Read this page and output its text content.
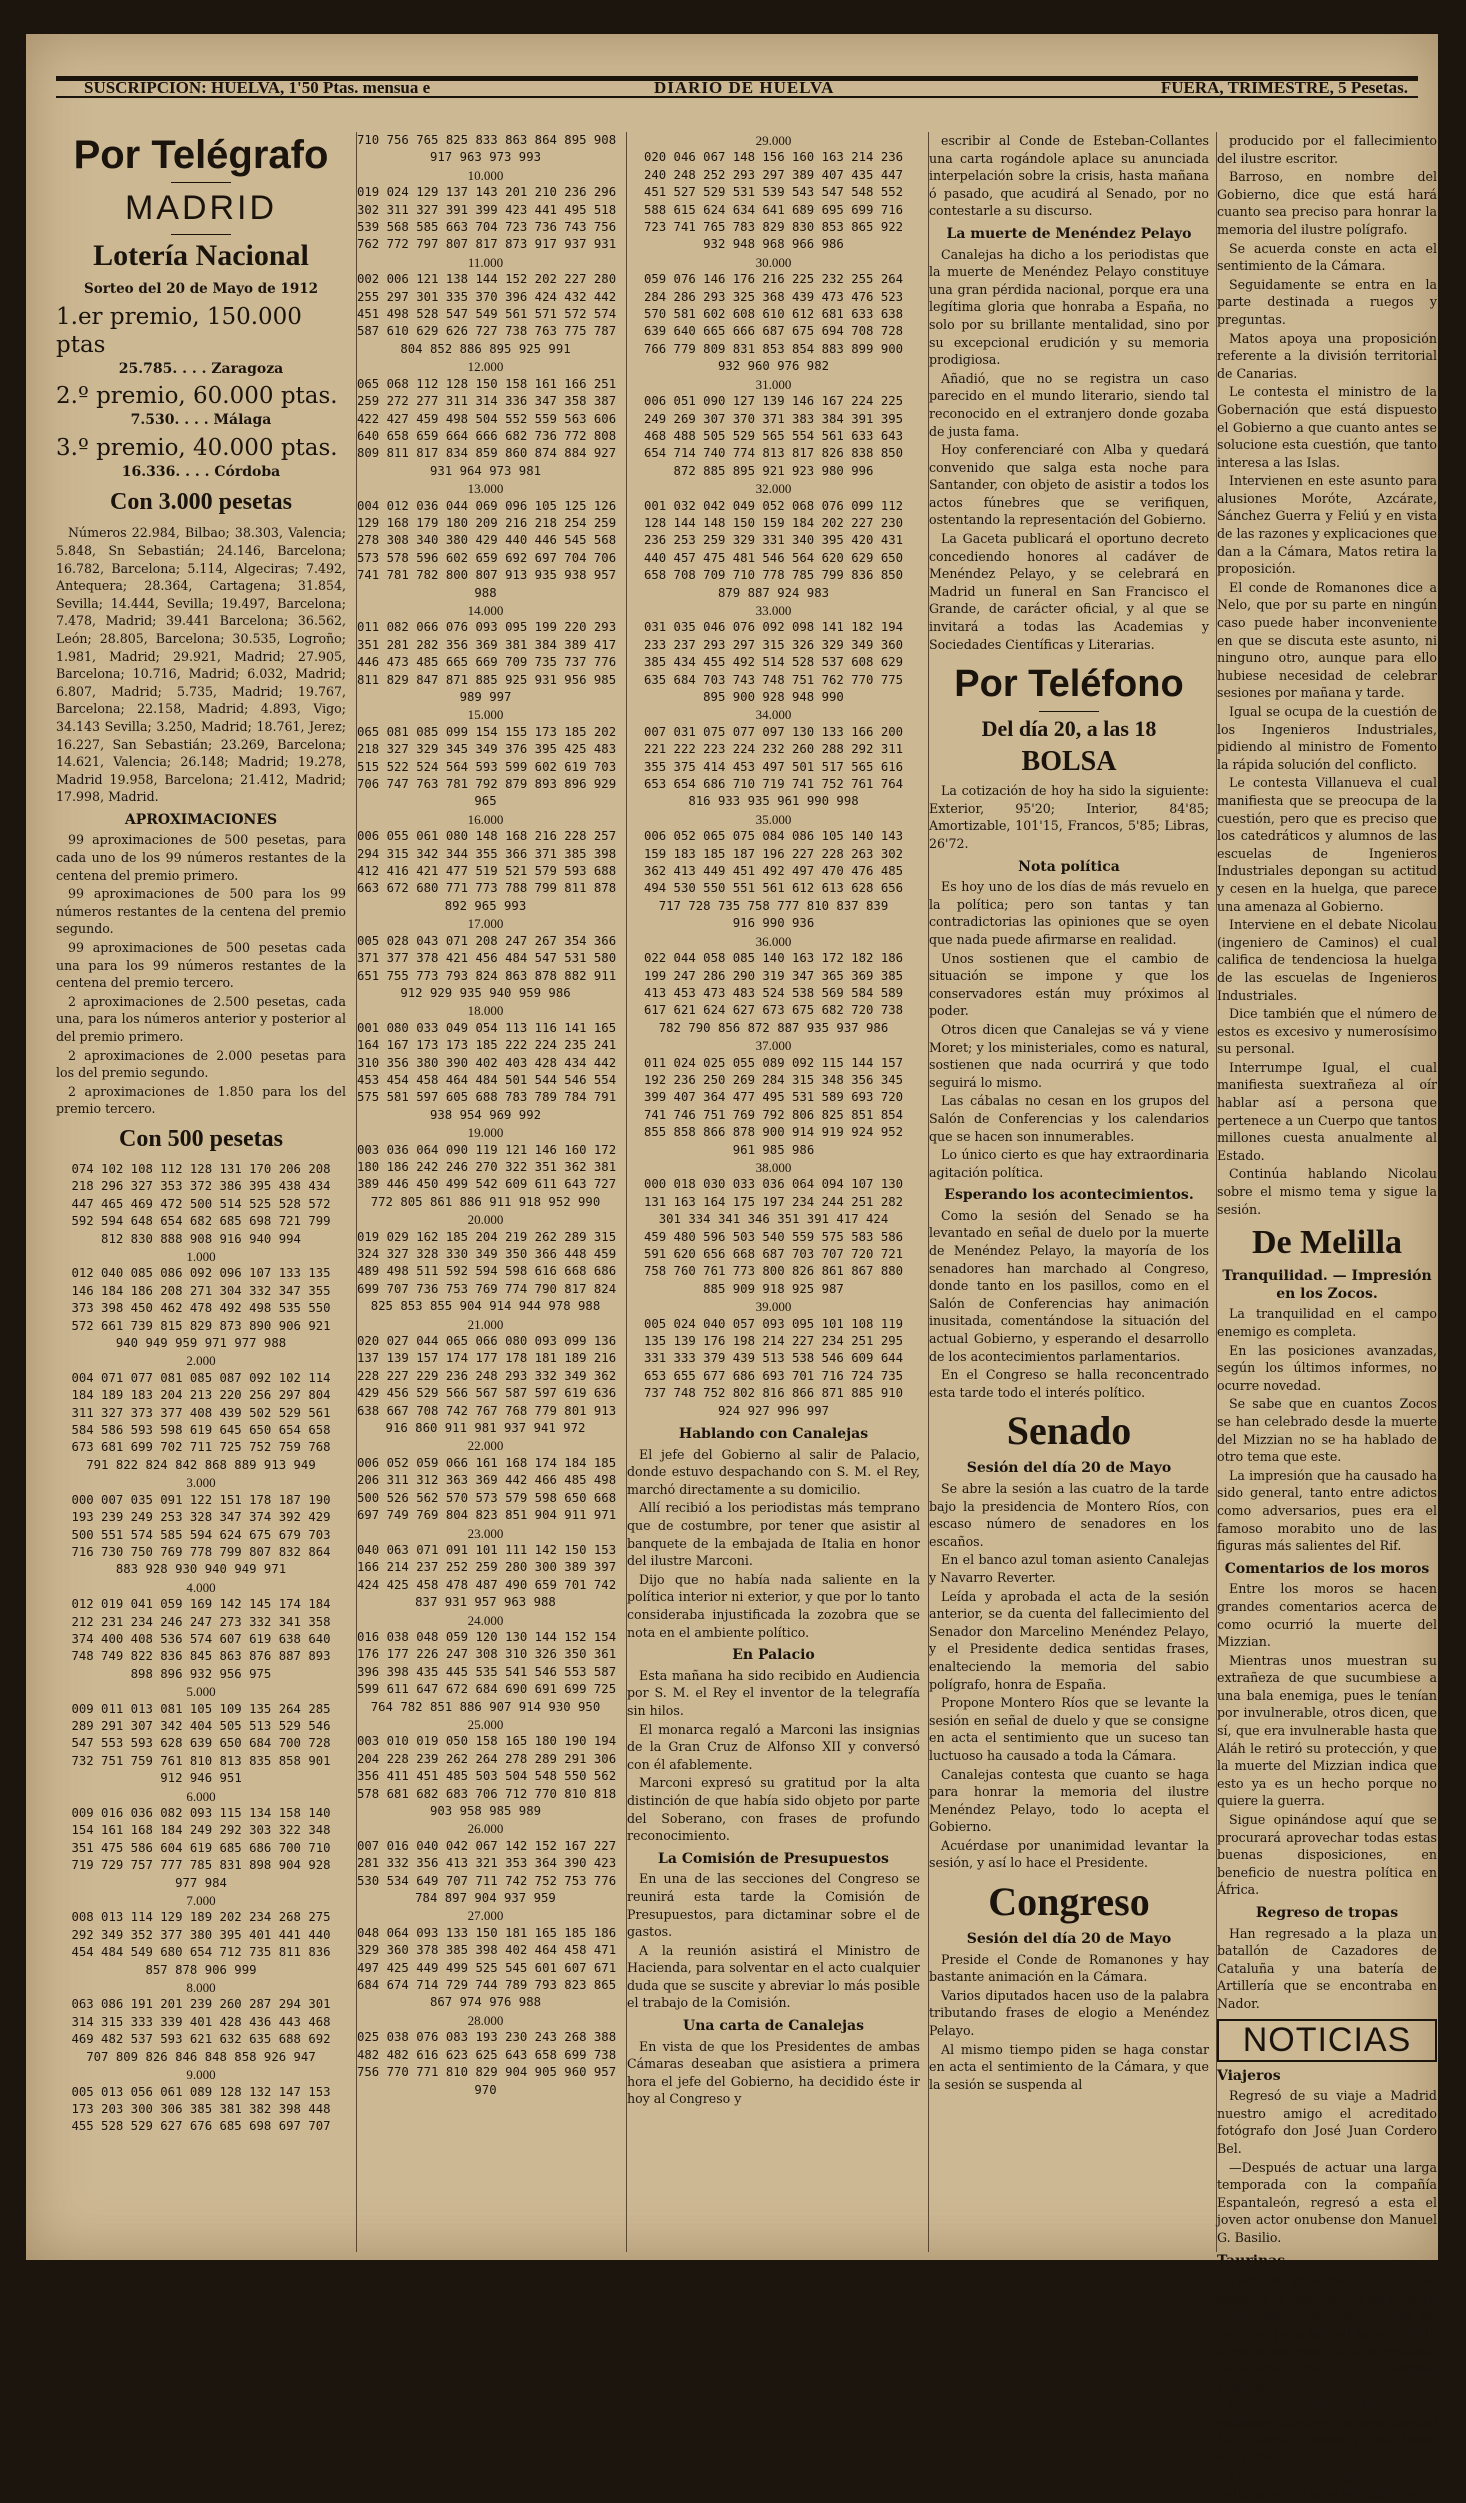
SUSCRIPCIÓN: HUELVA, 1'50 Ptas. mensua e	DIARIO DE HUELVA	FUERA, TRIMESTRE, 5 Pesetas.
Por Telégrafo
MADRID
Lotería Nacional
Sorteo del 20 de Mayo de 1912
1.er premio, 150.000 ptas
25.785. . . . Zaragoza
2.º premio, 60.000 ptas.
7.530. . . . Málaga
3.º premio, 40.000 ptas.
16.336. . . . Córdoba
Con 3.000 pesetas

Números 22.984, Bilbao; 38.303, Valencia; 5.848, Sn Sebastián; 24.146, Barcelona; 16.782, Barcelona; 5.114, Algeciras; 7.492, Antequera; 28.364, Cartagena; 31.854, Sevilla; 14.444, Sevilla; 19.497, Barcelona; 7.478, Madrid; 39.441 Barcelona; 36.562, León; 28.805, Barcelona; 30.535, Logroño; 1.981, Madrid; 29.921, Madrid; 27.905, Barcelona; 10.716, Madrid; 6.032, Madrid; 6.807, Madrid; 5.735, Madrid; 19.767, Barcelona; 22.158, Madrid; 4.893, Vigo; 34.143 Sevilla; 3.250, Madrid; 18.761, Jerez; 16.227, San Sebastián; 23.269, Barcelona; 14.621, Valencia; 26.148; Madrid; 19.278, Madrid 19.958, Barcelona; 21.412, Madrid; 17.998, Madrid.

APROXIMACIONES

99 aproximaciones de 500 pesetas, para cada uno de los 99 números restantes de la centena del premio primero.

99 aproximaciones de 500 para los 99 números restantes de la centena del premio segundo.

99 aproximaciones de 500 pesetas cada una para los 99 números restantes de la centena del premio tercero.

2 aproximaciones de 2.500 pesetas, cada una, para los números anterior y posterior al del premio primero.

2 aproximaciones de 2.000 pesetas para los del premio segundo.

2 aproximaciones de 1.850 para los del premio tercero.

Con 500 pesetas
074 102 108 112 128 131 170 206 208
218 296 327 353 372 386 395 438 434
447 465 469 472 500 514 525 528 572
592 594 648 654 682 685 698 721 799
812 830 888 908 916 940 994
1.000
012 040 085 086 092 096 107 133 135
146 184 186 208 271 304 332 347 355
373 398 450 462 478 492 498 535 550
572 661 739 815 829 873 890 906 921
940 949 959 971 977 988
2.000
004 071 077 081 085 087 092 102 114
184 189 183 204 213 220 256 297 804
311 327 373 377 408 439 502 529 561
584 586 593 598 619 645 650 654 658
673 681 699 702 711 725 752 759 768
791 822 824 842 868 889 913 949
3.000
000 007 035 091 122 151 178 187 190
193 239 249 253 328 347 374 392 429
500 551 574 585 594 624 675 679 703
716 730 750 769 778 799 807 832 864
883 928 930 940 949 971
4.000
012 019 041 059 169 142 145 174 184
212 231 234 246 247 273 332 341 358
374 400 408 536 574 607 619 638 640
748 749 822 836 845 863 876 887 893
898 896 932 956 975
5.000
009 011 013 081 105 109 135 264 285
289 291 307 342 404 505 513 529 546
547 553 593 628 639 650 684 700 728
732 751 759 761 810 813 835 858 901
912 946 951
6.000
009 016 036 082 093 115 134 158 140
154 161 168 184 249 292 303 322 348
351 475 586 604 619 685 686 700 710
719 729 757 777 785 831 898 904 928
977 984
7.000
008 013 114 129 189 202 234 268 275
292 349 352 377 380 395 401 441 440
454 484 549 680 654 712 735 811 836
857 878 906 999
8.000
063 086 191 201 239 260 287 294 301
314 315 333 339 401 428 436 443 468
469 482 537 593 621 632 635 688 692
707 809 826 846 848 858 926 947
9.000
005 013 056 061 089 128 132 147 153
173 203 300 306 385 381 382 398 448
455 528 529 627 676 685 698 697 707
710 756 765 825 833 863 864 895 908
917 963 973 993
10.000
019 024 129 137 143 201 210 236 296
302 311 327 391 399 423 441 495 518
539 568 585 663 704 723 736 743 756
762 772 797 807 817 873 917 937 931
11.000
002 006 121 138 144 152 202 227 280
255 297 301 335 370 396 424 432 442
451 498 528 547 549 561 571 572 574
587 610 629 626 727 738 763 775 787
804 852 886 895 925 991
12.000
065 068 112 128 150 158 161 166 251
259 272 277 311 314 336 347 358 387
422 427 459 498 504 552 559 563 606
640 658 659 664 666 682 736 772 808
809 811 817 834 859 860 874 884 927
931 964 973 981
13.000
004 012 036 044 069 096 105 125 126
129 168 179 180 209 216 218 254 259
278 308 340 380 429 440 446 545 568
573 578 596 602 659 692 697 704 706
741 781 782 800 807 913 935 938 957
988
14.000
011 082 066 076 093 095 199 220 293
351 281 282 356 369 381 384 389 417
446 473 485 665 669 709 735 737 776
811 829 847 871 885 925 931 956 985
989 997
15.000
065 081 085 099 154 155 173 185 202
218 327 329 345 349 376 395 425 483
515 522 524 564 593 599 602 619 703
706 747 763 781 792 879 893 896 929
965
16.000
006 055 061 080 148 168 216 228 257
294 315 342 344 355 366 371 385 398
412 416 421 477 519 521 579 593 688
663 672 680 771 773 788 799 811 878
892 965 993
17.000
005 028 043 071 208 247 267 354 366
371 377 378 421 456 484 547 531 580
651 755 773 793 824 863 878 882 911
912 929 935 940 959 986
18.000
001 080 033 049 054 113 116 141 165
164 167 173 173 185 222 224 235 241
310 356 380 390 402 403 428 434 442
453 454 458 464 484 501 544 546 554
575 581 597 605 688 783 789 784 791
938 954 969 992
19.000
003 036 064 090 119 121 146 160 172
180 186 242 246 270 322 351 362 381
389 446 450 499 542 609 611 643 727
772 805 861 886 911 918 952 990
20.000
019 029 162 185 204 219 262 289 315
324 327 328 330 349 350 366 448 459
489 498 511 592 594 598 616 668 686
699 707 736 753 769 774 790 817 824
825 853 855 904 914 944 978 988
21.000
020 027 044 065 066 080 093 099 136
137 139 157 174 177 178 181 189 216
228 227 229 236 248 293 332 349 362
429 456 529 566 567 587 597 619 636
638 667 708 742 767 768 779 801 913
916 860 911 981 937 941 972
22.000
006 052 059 066 161 168 174 184 185
206 311 312 363 369 442 466 485 498
500 526 562 570 573 579 598 650 668
697 749 769 804 823 851 904 911 971
23.000
040 063 071 091 101 111 142 150 153
166 214 237 252 259 280 300 389 397
424 425 458 478 487 490 659 701 742
837 931 957 963 988
24.000
016 038 048 059 120 130 144 152 154
176 177 226 247 308 310 326 350 361
396 398 435 445 535 541 546 553 587
599 611 647 672 684 690 691 699 725
764 782 851 886 907 914 930 950
25.000
003 010 019 050 158 165 180 190 194
204 228 239 262 264 278 289 291 306
356 411 451 485 503 504 548 550 562
578 681 682 683 706 712 770 810 818
903 958 985 989
26.000
007 016 040 042 067 142 152 167 227
281 332 356 413 321 353 364 390 423
530 534 649 707 711 742 752 753 776
784 897 904 937 959
27.000
048 064 093 133 150 181 165 185 186
329 360 378 385 398 402 464 458 471
497 425 449 499 525 545 601 607 671
684 674 714 729 744 789 793 823 865
867 974 976 988
28.000
025 038 076 083 193 230 243 268 388
482 482 616 623 625 643 658 699 738
756 770 771 810 829 904 905 960 957
970
29.000
020 046 067 148 156 160 163 214 236
240 248 252 293 297 389 407 435 447
451 527 529 531 539 543 547 548 552
588 615 624 634 641 689 695 699 716
723 741 765 783 829 830 853 865 922
932 948 968 966 986
30.000
059 076 146 176 216 225 232 255 264
284 286 293 325 368 439 473 476 523
570 581 602 608 610 612 681 633 638
639 640 665 666 687 675 694 708 728
766 779 809 831 853 854 883 899 900
932 960 976 982
31.000
006 051 090 127 139 146 167 224 225
249 269 307 370 371 383 384 391 395
468 488 505 529 565 554 561 633 643
654 714 740 774 813 817 826 838 850
872 885 895 921 923 980 996
32.000
001 032 042 049 052 068 076 099 112
128 144 148 150 159 184 202 227 230
236 253 259 329 331 340 395 420 431
440 457 475 481 546 564 620 629 650
658 708 709 710 778 785 799 836 850
879 887 924 983
33.000
031 035 046 076 092 098 141 182 194
233 237 293 297 315 326 329 349 360
385 434 455 492 514 528 537 608 629
635 684 703 743 748 751 762 770 775
895 900 928 948 990
34.000
007 031 075 077 097 130 133 166 200
221 222 223 224 232 260 288 292 311
355 375 414 453 497 501 517 565 616
653 654 686 710 719 741 752 761 764
816 933 935 961 990 998
35.000
006 052 065 075 084 086 105 140 143
159 183 185 187 196 227 228 263 302
362 413 449 451 492 497 470 476 485
494 530 550 551 561 612 613 628 656
717 728 735 758 777 810 837 839
916 990 936
36.000
022 044 058 085 140 163 172 182 186
199 247 286 290 319 347 365 369 385
413 453 473 483 524 538 569 584 589
617 621 624 627 673 675 682 720 738
782 790 856 872 887 935 937 986
37.000
011 024 025 055 089 092 115 144 157
192 236 250 269 284 315 348 356 345
399 407 364 477 495 531 589 693 720
741 746 751 769 792 806 825 851 854
855 858 866 878 900 914 919 924 952
961 985 986
38.000
000 018 030 033 036 064 094 107 130
131 163 164 175 197 234 244 251 282
301 334 341 346 351 391 417 424
459 480 596 503 540 559 575 583 586
591 620 656 668 687 703 707 720 721
758 760 761 773 800 826 861 867 880
885 909 918 925 987
39.000
005 024 040 057 093 095 101 108 119
135 139 176 198 214 227 234 251 295
331 333 379 439 513 538 546 609 644
653 655 677 686 693 701 716 724 735
737 748 752 802 816 866 871 885 910
924 927 996 997
Hablando con Canalejas

El jefe del Gobierno al salir de Palacio, donde estuvo despachando con S. M. el Rey, marchó directamente a su domicilio.

Allí recibió a los periodistas más temprano que de costumbre, por tener que asistir al banquete de la embajada de Italia en honor del ilustre Marconi.

Dijo que no había nada saliente en la política interior ni exterior, y que por lo tanto consideraba injustificada la zozobra que se nota en el ambiente político.

En Palacio

Esta mañana ha sido recibido en Audiencia por S. M. el Rey el inventor de la telegrafía sin hilos.

El monarca regaló a Marconi las insignias de la Gran Cruz de Alfonso XII y conversó con él afablemente.

Marconi expresó su gratitud por la alta distinción de que había sido objeto por parte del Soberano, con frases de profundo reconocimiento.

La Comisión de Presupuestos

En una de las secciones del Congreso se reunirá esta tarde la Comisión de Presupuestos, para dictaminar sobre el de gastos.

A la reunión asistirá el Ministro de Hacienda, para solventar en el acto cualquier duda que se suscite y abreviar lo más posible el trabajo de la Comisión.

Una carta de Canalejas

En vista de que los Presidentes de ambas Cámaras deseaban que asistiera a primera hora el jefe del Gobierno, ha decidido éste ir hoy al Congreso y

escribir al Conde de Esteban-Collantes una carta rogándole aplace su anunciada interpelación sobre la crisis, hasta mañana ó pasado, que acudirá al Senado, por no contestarle a su discurso.

La muerte de Menéndez Pelayo

Canalejas ha dicho a los periodistas que la muerte de Menéndez Pelayo constituye una gran pérdida nacional, porque era una legítima gloria que honraba a España, no solo por su brillante mentalidad, sino por su excepcional erudición y su memoria prodigiosa.

Añadió, que no se registra un caso parecido en el mundo literario, siendo tal reconocido en el extranjero donde gozaba de justa fama.

Hoy conferenciaré con Alba y quedará convenido que salga esta noche para Santander, con objeto de asistir a todos los actos fúnebres que se verifiquen, ostentando la representación del Gobierno.

La Gaceta publicará el oportuno decreto concediendo honores al cadáver de Menéndez Pelayo, y se celebrará en Madrid un funeral en San Francisco el Grande, de carácter oficial, y al que se invitará a todas las Academias y Sociedades Científicas y Literarias.

Por Teléfono
Del día 20, a las 18
BOLSA

La cotización de hoy ha sido la siguiente: Exterior, 95'20; Interior, 84'85; Amortizable, 101'15, Francos, 5'85; Libras, 26'72.

Nota política

Es hoy uno de los días de más revuelo en la política; pero son tantas y tan contradictorias las opiniones que se oyen que nada puede afirmarse en realidad.

Unos sostienen que el cambio de situación se impone y que los conservadores están muy próximos al poder.

Otros dicen que Canalejas se vá y viene Moret; y los ministeriales, como es natural, sostienen que nada ocurrirá y que todo seguirá lo mismo.

Las cábalas no cesan en los grupos del Salón de Conferencias y los calendarios que se hacen son innumerables.

Lo único cierto es que hay extraordinaria agitación política.

Esperando los acontecimientos.

Como la sesión del Senado se ha levantado en señal de duelo por la muerte de Menéndez Pelayo, la mayoría de los senadores han marchado al Congreso, donde tanto en los pasillos, como en el Salón de Conferencias hay animación inusitada, comentándose la situación del actual Gobierno, y esperando el desarrollo de los acontecimientos parlamentarios.

En el Congreso se halla reconcentrado esta tarde todo el interés político.

Senado
Sesión del día 20 de Mayo

Se abre la sesión a las cuatro de la tarde bajo la presidencia de Montero Ríos, con escaso número de senadores en los escaños.

En el banco azul toman asiento Canalejas y Navarro Reverter.

Leída y aprobada el acta de la sesión anterior, se da cuenta del fallecimiento del Senador don Marcelino Menéndez Pelayo, y el Presidente dedica sentidas frases, enalteciendo la memoria del sabio polígrafo, honra de España.

Propone Montero Ríos que se levante la sesión en señal de duelo y que se consigne en acta el sentimiento que un suceso tan luctuoso ha causado a toda la Cámara.

Canalejas contesta que cuanto se haga para honrar la memoria del ilustre Menéndez Pelayo, todo lo acepta el Gobierno.

Acuérdase por unanimidad levantar la sesión, y así lo hace el Presidente.

Congreso
Sesión del día 20 de Mayo

Preside el Conde de Romanones y hay bastante animación en la Cámara.

Varios diputados hacen uso de la palabra tributando frases de elogio a Menéndez Pelayo.

Al mismo tiempo piden se haga constar en acta el sentimiento de la Cámara, y que la sesión se suspenda al

producido por el fallecimiento del ilustre escritor.

Barroso, en nombre del Gobierno, dice que está hará cuanto sea preciso para honrar la memoria del ilustre polígrafo.

Se acuerda conste en acta el sentimiento de la Cámara.

Seguidamente se entra en la parte destinada a ruegos y preguntas.

Matos apoya una proposición referente a la división territorial de Canarias.

Le contesta el ministro de la Gobernación que está dispuesto el Gobierno a que cuanto antes se solucione esta cuestión, que tanto interesa a las Islas.

Intervienen en este asunto para alusiones Moróte, Azcárate, Sánchez Guerra y Feliú y en vista de las razones y explicaciones que dan a la Cámara, Matos retira la proposición.

El conde de Romanones dice a Nelo, que por su parte en ningún caso puede haber inconveniente en que se discuta este asunto, ni ninguno otro, aunque para ello hubiese necesidad de celebrar sesiones por mañana y tarde.

Igual se ocupa de la cuestión de los Ingenieros Industriales, pidiendo al ministro de Fomento la rápida solución del conflicto.

Le contesta Villanueva el cual manifiesta que se preocupa de la cuestión, pero que es preciso que los catedráticos y alumnos de las escuelas de Ingenieros Industriales depongan su actitud y cesen en la huelga, que parece una amenaza al Gobierno.

Interviene en el debate Nicolau (ingeniero de Caminos) el cual califica de tendenciosa la huelga de las escuelas de Ingenieros Industriales.

Dice también que el número de estos es excesivo y numerosísimo su personal.

Interrumpe Igual, el cual manifiesta suextrañeza al oír hablar así a persona que pertenece a un Cuerpo que tantos millones cuesta anualmente al Estado.

Continúa hablando Nicolau sobre el mismo tema y sigue la sesión.

De Melilla
Tranquilidad. — Impresión en los Zocos.

La tranquilidad en el campo enemigo es completa.

En las posiciones avanzadas, según los últimos informes, no ocurre novedad.

Se sabe que en cuantos Zocos se han celebrado desde la muerte del Mizzian no se ha hablado de otro tema que este.

La impresión que ha causado ha sido general, tanto entre adictos como adversarios, pues era el famoso morabito uno de las figuras más salientes del Rif.

Comentarios de los moros

Entre los moros se hacen grandes comentarios acerca de como ocurrió la muerte del Mizzian.

Mientras unos muestran su extrañeza de que sucumbiese a una bala enemiga, pues le tenían por invulnerable, otros dicen, que sí, que era invulnerable hasta que Aláh le retiró su protección, y que la muerte del Mizzian indica que esto ya es un hecho porque no quiere la guerra.

Sigue opinándose aquí que se procurará aprovechar todas estas buenas disposiciones, en beneficio de nuestra política en África.

Regreso de tropas

Han regresado a la plaza un batallón de Cazadores de Cataluña y una batería de Artillería que se encontraba en Nador.

NOTICIAS
Viajeros

Regresó de su viaje a Madrid nuestro amigo el acreditado fotógrafo don José Juan Cordero Bel.

—Después de actuar una larga temporada con la compañía Espantaleón, regresó a esta el joven actor onubense don Manuel G. Basilio.

Taurinas

Para el próximo domingo se anuncia la celebración en nuestro circo taurino de una corrida de novillos, para la cual ha adquirido la empresa reses de la acreditada ganadería de don Antonio Olmedo.

Como espadas actuarán los valientes diestros de esta capital Luis García Llanes y José Baez, «Litri II».

Los precios, según nuestras noticias serán muy económicos.
